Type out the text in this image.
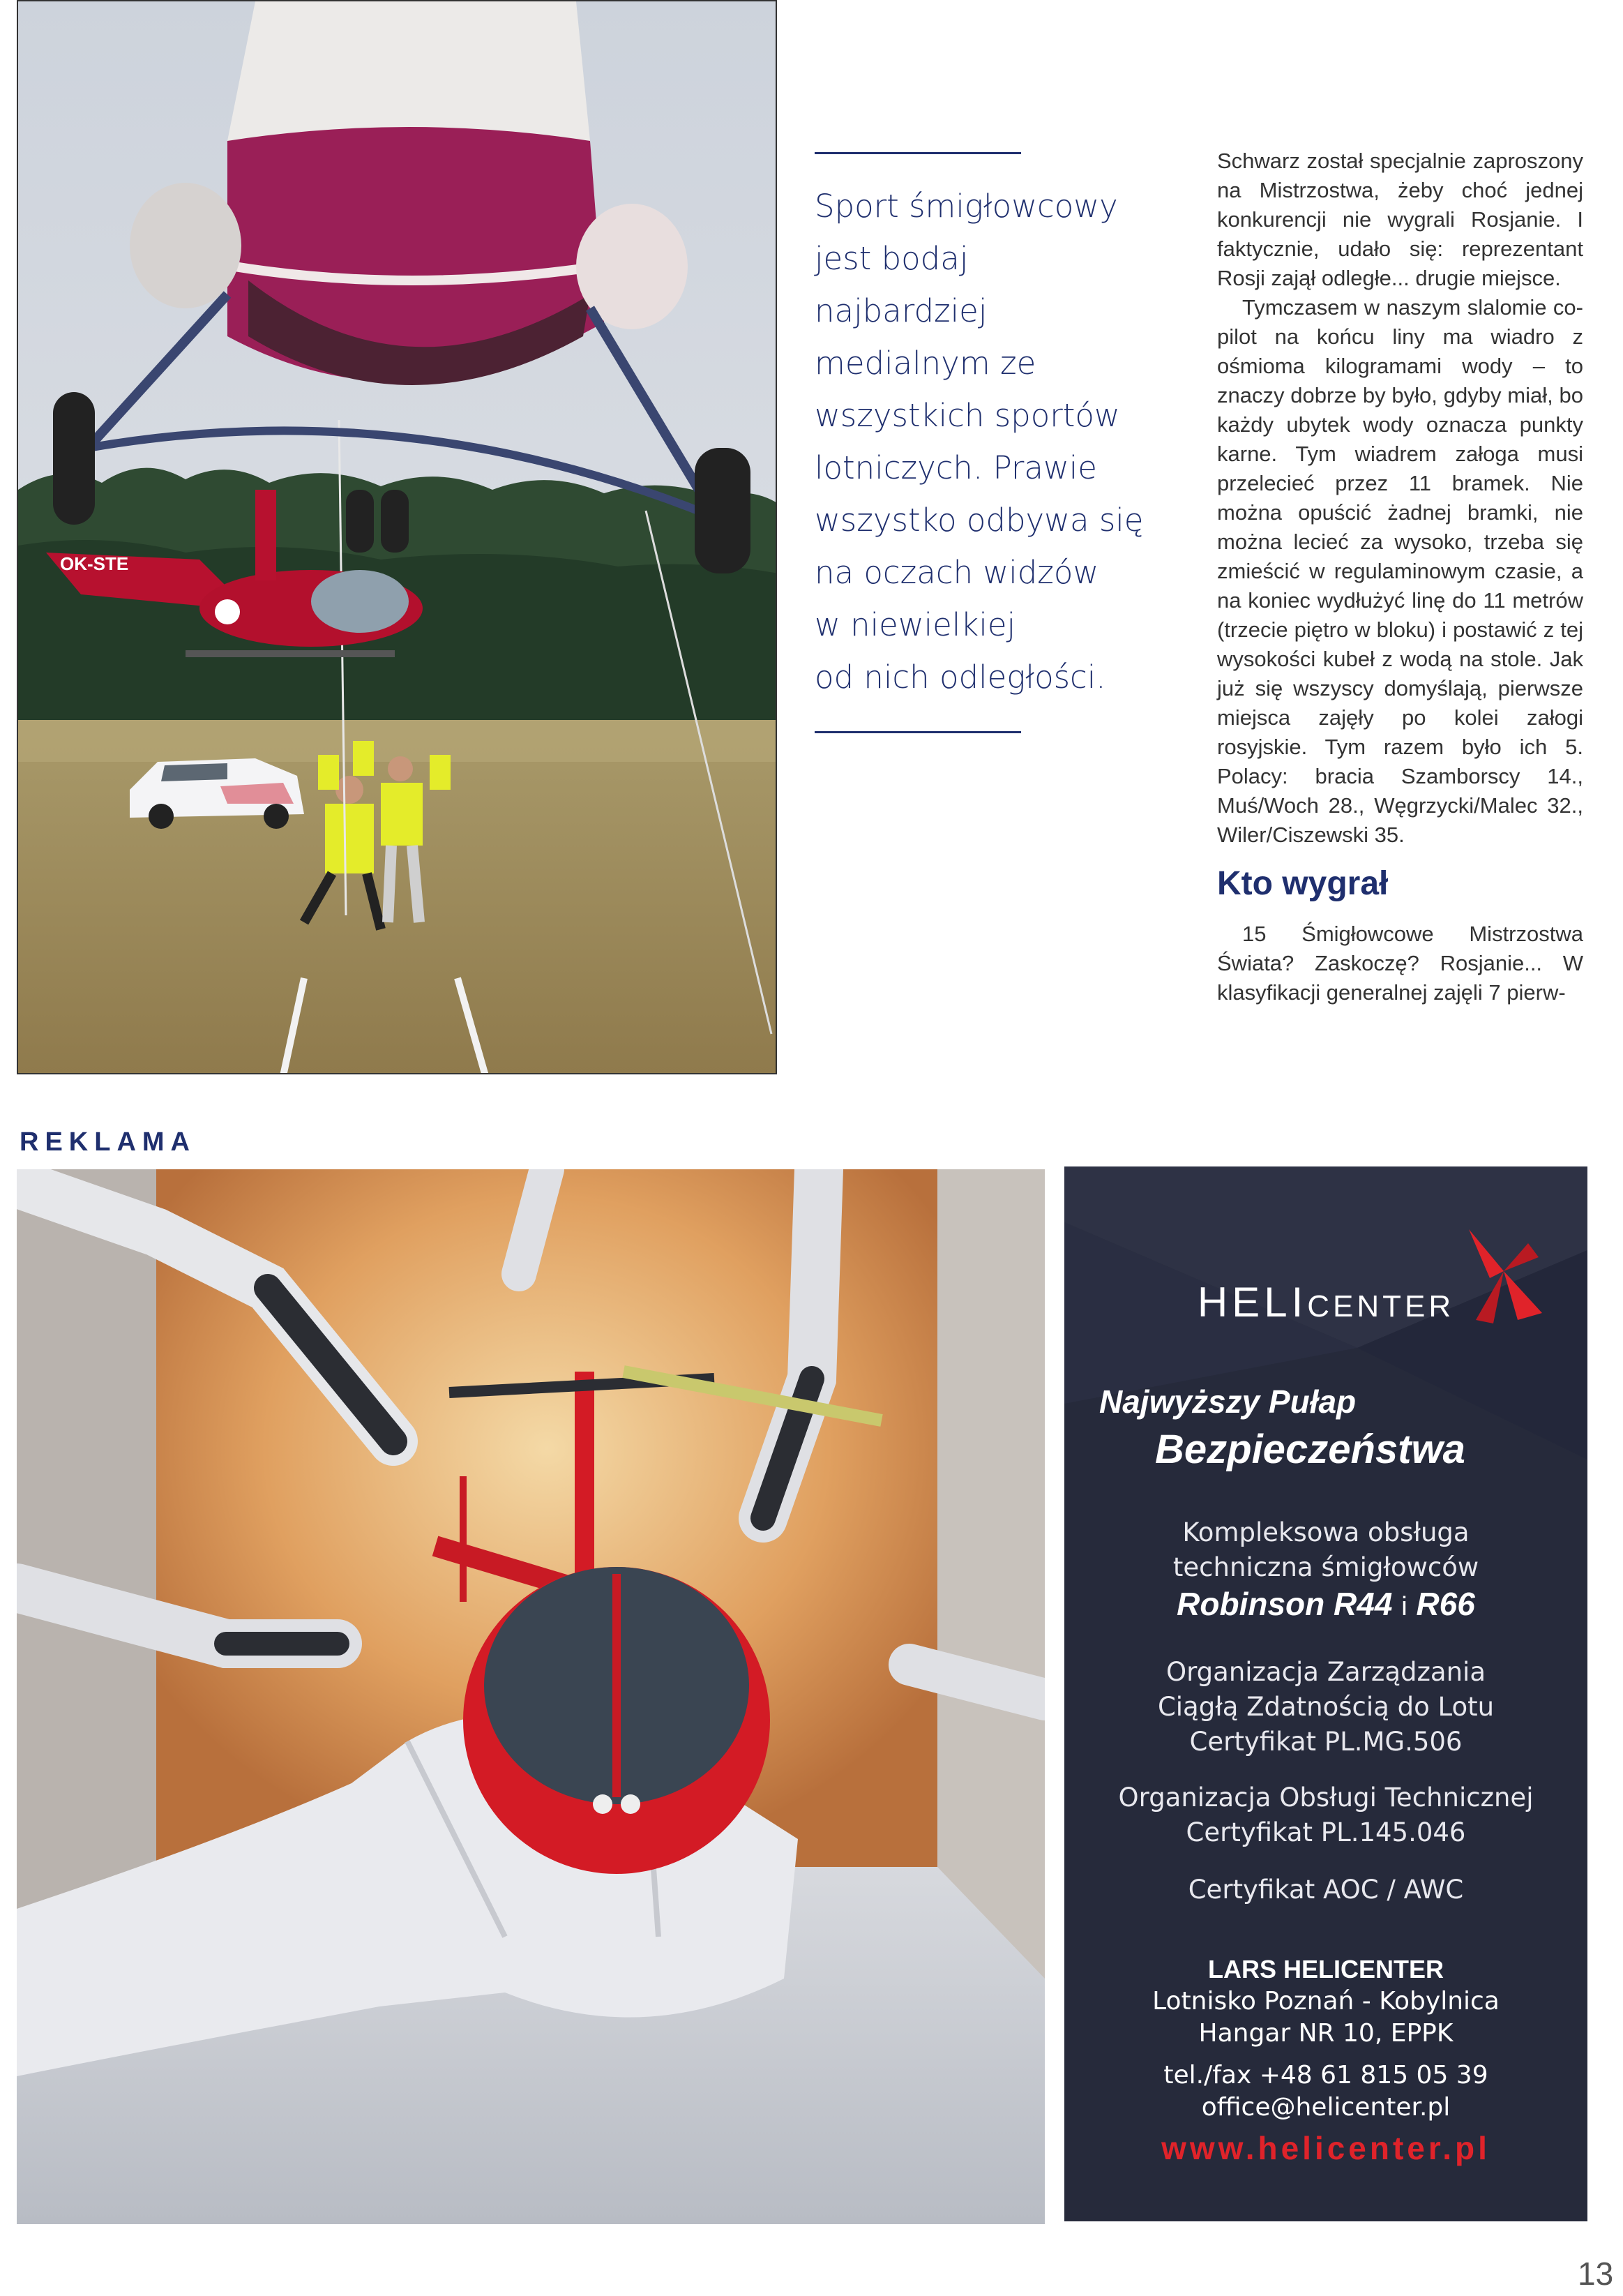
OK-STE
Sport śmigłowcowy
jest bodaj
najbardziej
medialnym ze
wszystkich sportów
lotniczych. Prawie
wszystko odbywa się
na oczach widzów
w niewielkiej
od nich odległości.

Schwarz został specjalnie zaproszony na Mistrzostwa, żeby choć jednej konkurencji nie wygrali Rosjanie. I faktycznie, udało się: reprezentant Rosji zajął odległe... drugie miejsce.

Tymczasem w naszym slalomie co-pilot na końcu liny ma wiadro z ośmioma kilogramami wody – to znaczy dobrze by było, gdyby miał, bo każdy ubytek wody oznacza punkty karne. Tym wiadrem załoga musi przelecieć przez 11 bramek. Nie można opuścić żadnej bramki, nie można lecieć za wysoko, trzeba się zmieścić w regulaminowym czasie, a na koniec wydłużyć linę do 11 metrów (trzecie piętro w bloku) i postawić z tej wysokości kubeł z wodą na stole. Jak już się wszyscy domyślają, pierwsze miejsca zajęły po kolei załogi rosyjskie. Tym razem było ich 5. Polacy: bracia Szamborscy 14., Muś/Woch 28., Węgrzycki/Malec 32., Wiler/Ciszewski 35.

Kto wygrał

15 Śmigłowcowe Mistrzostwa Świata? Zaskoczę? Rosjanie... W klasyfikacji generalnej zajęli 7 pierw-

REKLAMA
HELICENTER
Najwyższy Pułap
Bezpieczeństwa
Kompleksowa obsługa
techniczna śmigłowców
Robinson R44 i R66
Organizacja Zarządzania
Ciągłą Zdatnością do Lotu
Certyfikat PL.MG.506
Organizacja Obsługi Technicznej
Certyfikat PL.145.046
Certyfikat AOC / AWC
LARS HELICENTER
Lotnisko Poznań - Kobylnica
Hangar NR 10, EPPK
tel./fax +48 61 815 05 39
office@helicenter.pl
www.helicenter.pl
13
